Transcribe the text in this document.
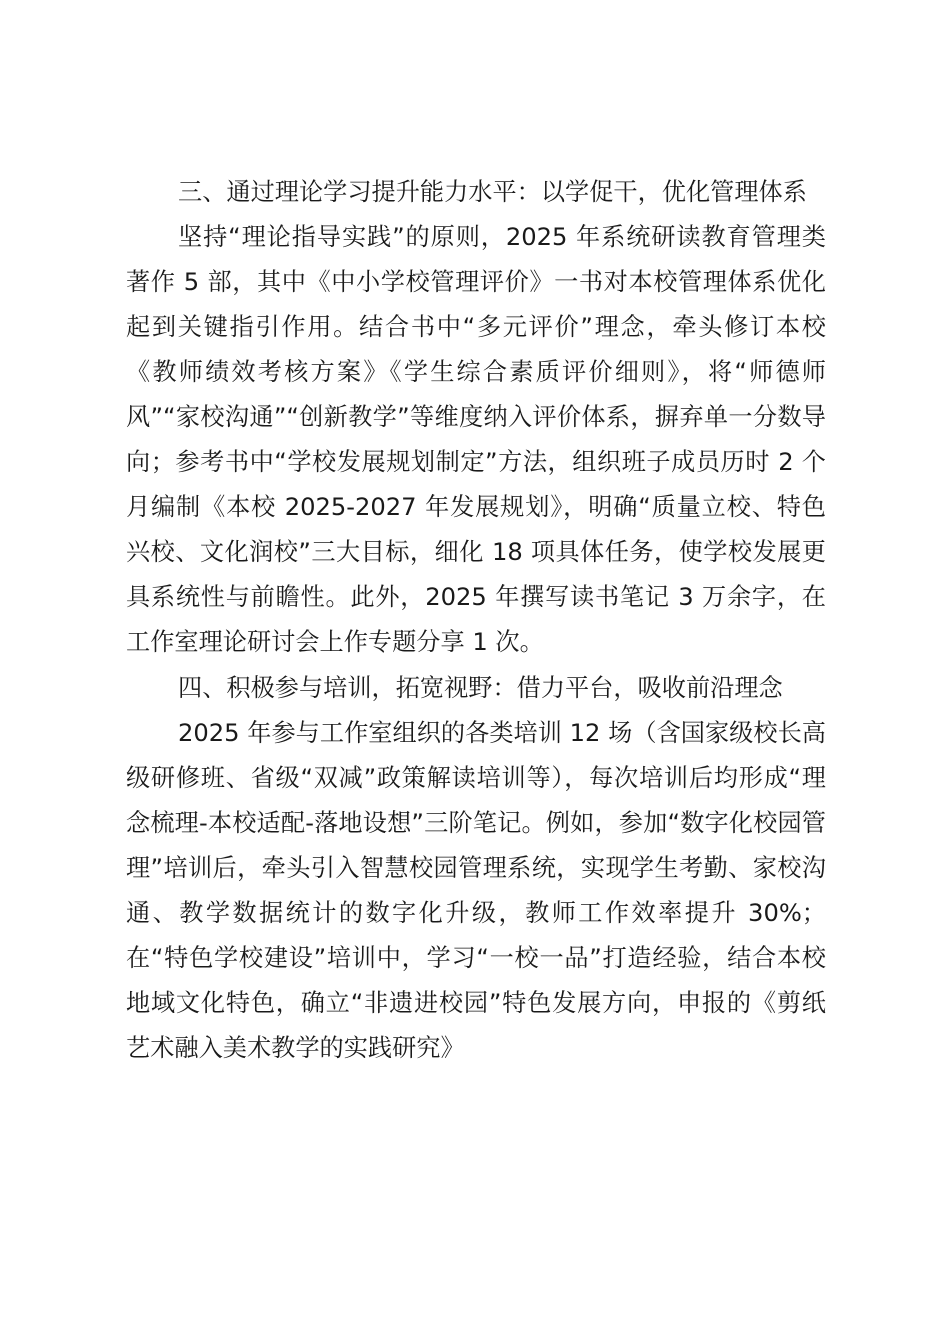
三、通过理论学习提升能力水平：以学促干，优化管理体系

坚持“理论指导实践”的原则，2025 年系统研读教育管理类著作 5 部，其中《中小学校管理评价》一书对本校管理体系优化起到关键指引作用。结合书中“多元评价”理念，牵头修订本校《教师绩效考核方案》《学生综合素质评价细则》，将“师德师风”“家校沟通”“创新教学”等维度纳入评价体系，摒弃单一分数导向；参考书中“学校发展规划制定”方法，组织班子成员历时 2 个月编制《本校 2025-2027 年发展规划》，明确“质量立校、特色兴校、文化润校”三大目标，细化 18 项具体任务，使学校发展更具系统性与前瞻性。此外，2025 年撰写读书笔记 3 万余字，在工作室理论研讨会上作专题分享 1 次。

四、积极参与培训，拓宽视野：借力平台，吸收前沿理念

2025 年参与工作室组织的各类培训 12 场（含国家级校长高级研修班、省级“双减”政策解读培训等），每次培训后均形成“理念梳理-本校适配-落地设想”三阶笔记。例如，参加“数字化校园管理”培训后，牵头引入智慧校园管理系统，实现学生考勤、家校沟通、教学数据统计的数字化升级，教师工作效率提升 30%；在“特色学校建设”培训中，学习“一校一品”打造经验，结合本校地域文化特色，确立“非遗进校园”特色发展方向，申报的《剪纸艺术融入美术教学的实践研究》
